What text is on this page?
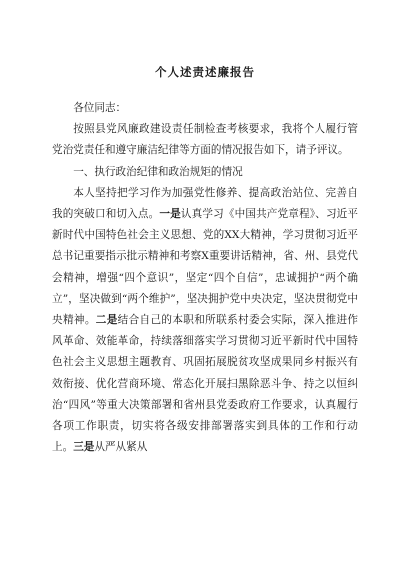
个人述责述廉报告

各位同志：

按照县党风廉政建设责任制检查考核要求，我将个人履行管党治党责任和遵守廉洁纪律等方面的情况报告如下，请予评议。

一、执行政治纪律和政治规矩的情况

本人坚持把学习作为加强党性修养、提高政治站位、完善自我的突破口和切入点。一是认真学习《中国共产党章程》、习近平新时代中国特色社会主义思想、党的XX大精神，学习贯彻习近平总书记重要指示批示精神和考察X重要讲话精神，省、州、县党代会精神，增强“四个意识”，坚定“四个自信”，忠诚拥护“两个确立”，坚决做到“两个维护”，坚决拥护党中央决定，坚决贯彻党中央精神。二是结合自己的本职和所联系村委会实际，深入推进作风革命、效能革命，持续落细落实学习贯彻习近平新时代中国特色社会主义思想主题教育、巩固拓展脱贫攻坚成果同乡村振兴有效衔接、优化营商环境、常态化开展扫黑除恶斗争、持之以恒纠治“四风”等重大决策部署和省州县党委政府工作要求，认真履行各项工作职责，切实将各级安排部署落实到具体的工作和行动上。三是从严从紧从
